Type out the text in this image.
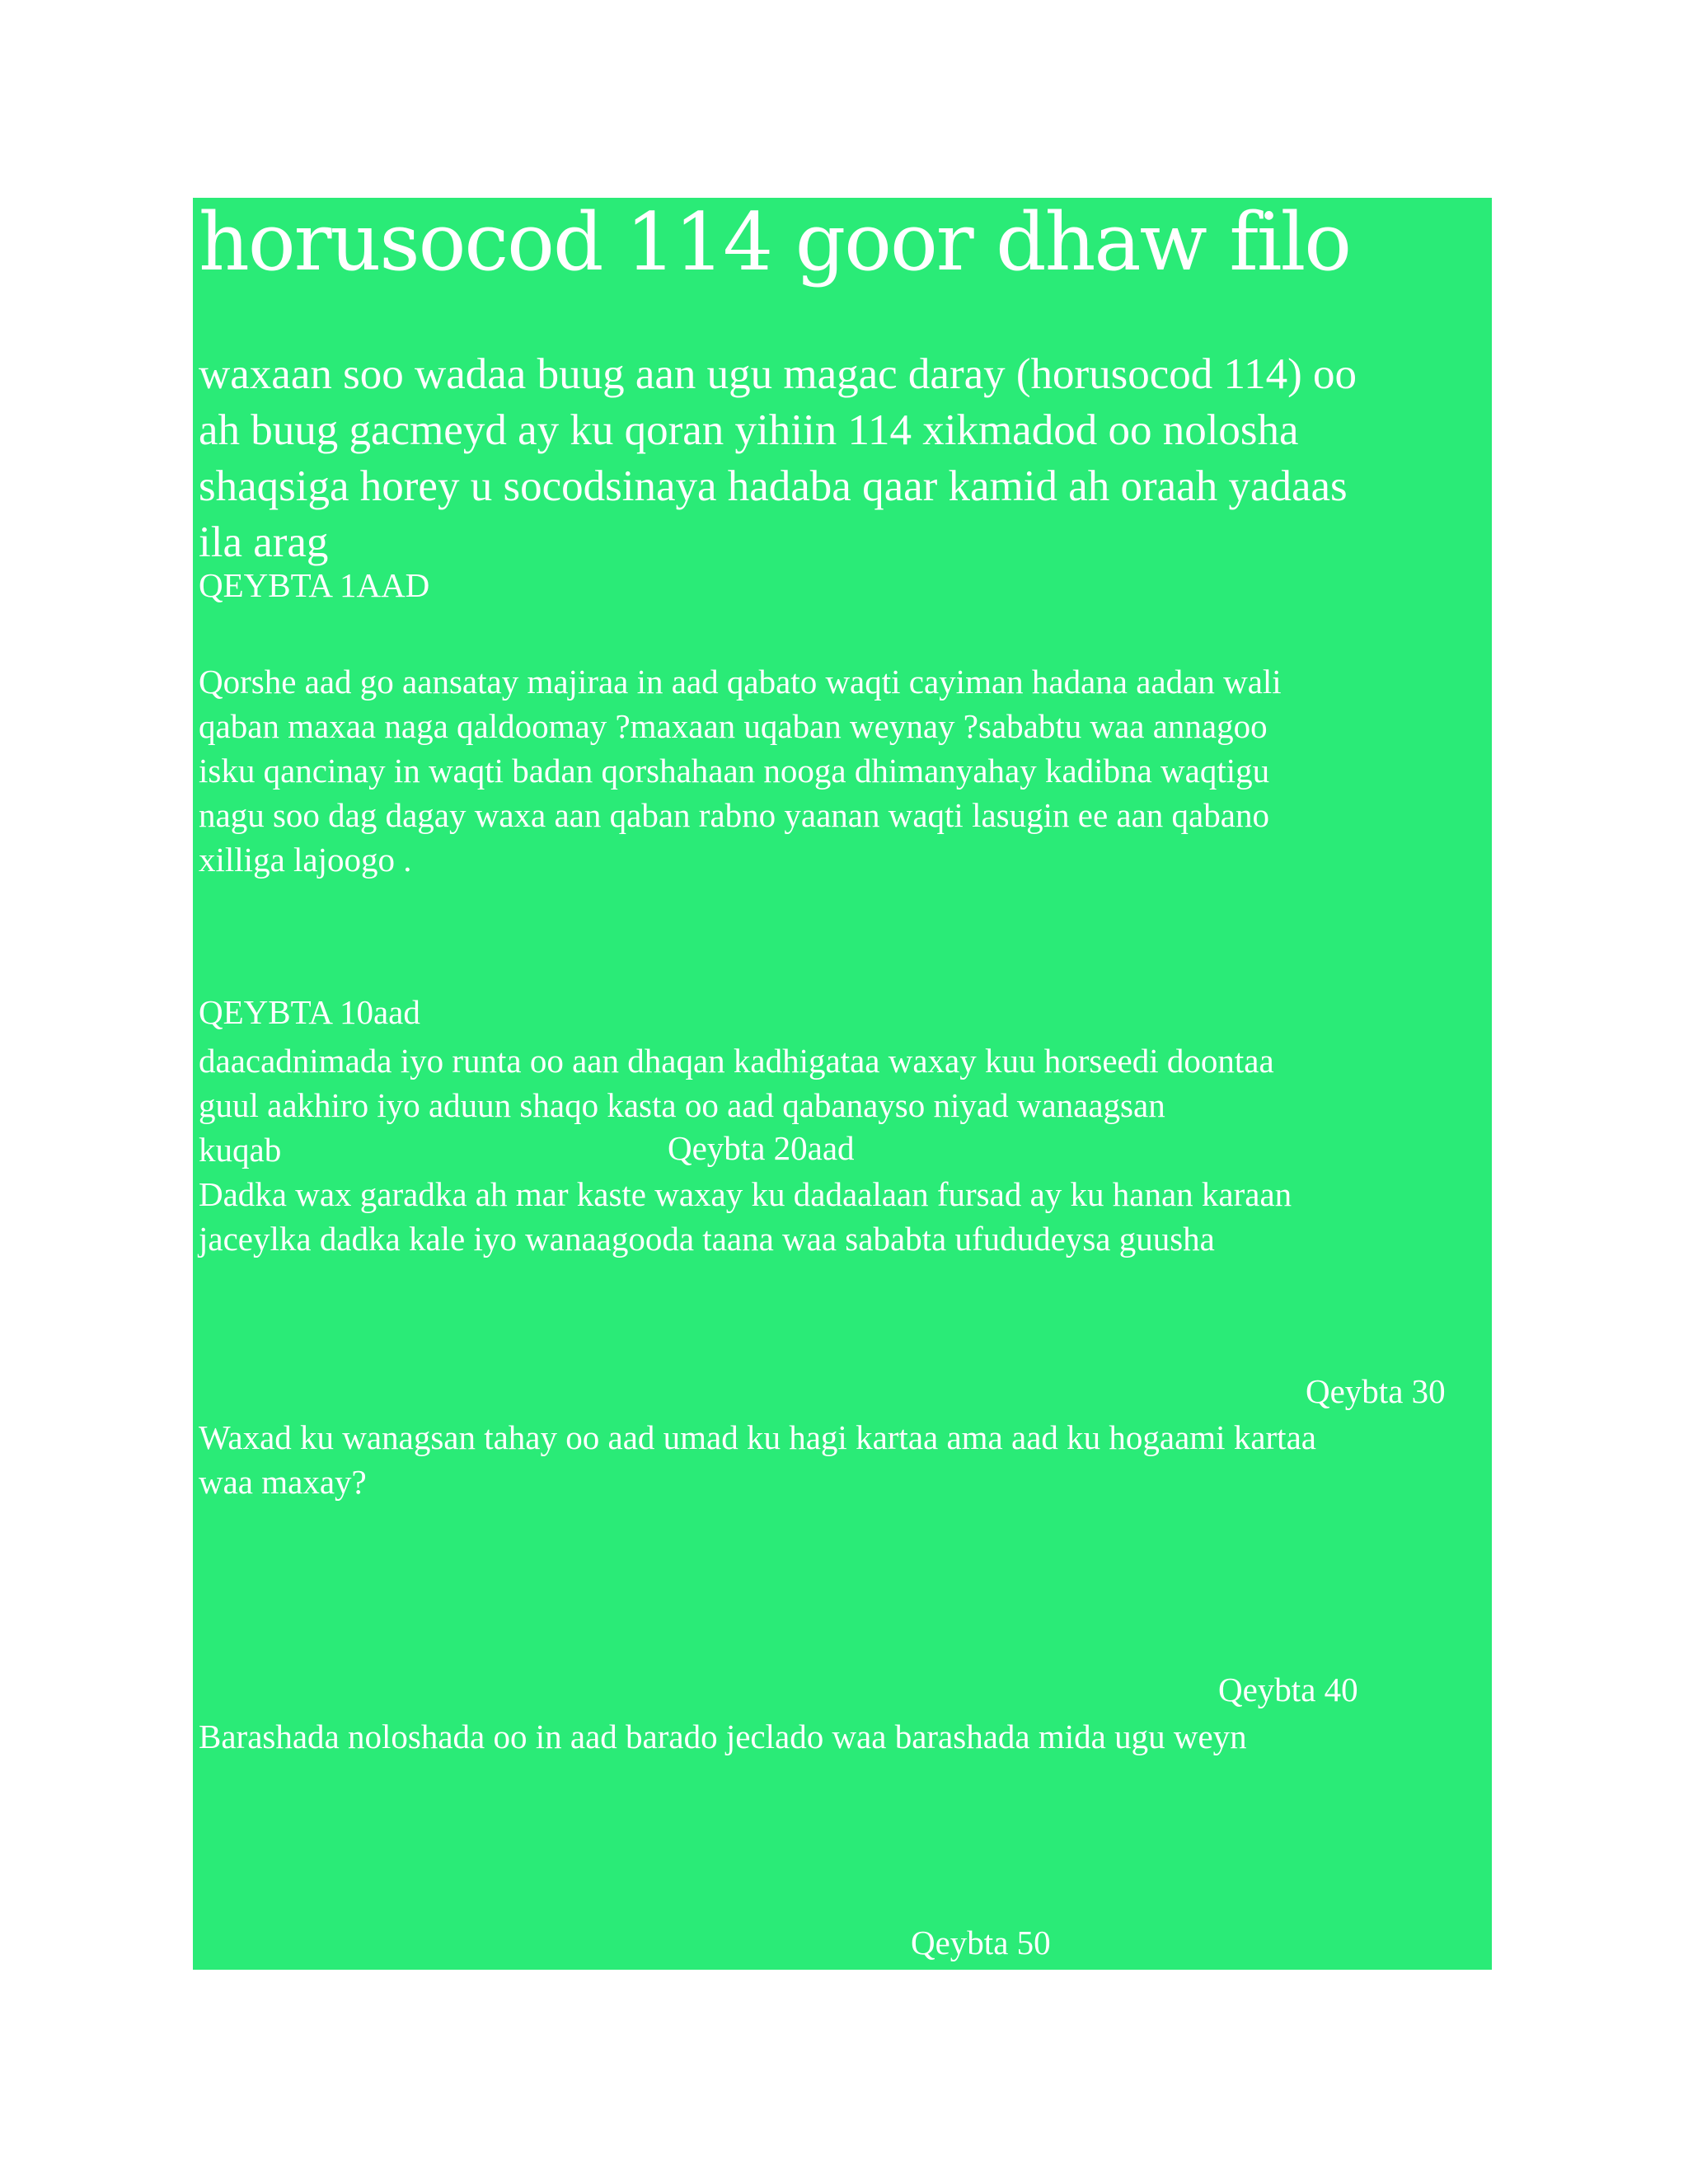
horusocod 114 goor dhaw filo
waxaan soo wadaa buug aan ugu magac daray (horusocod 114) oo
ah buug gacmeyd ay ku qoran yihiin 114 xikmadod oo nolosha
shaqsiga horey u socodsinaya hadaba qaar kamid ah oraah yadaas
ila arag
QEYBTA 1AAD
Qorshe aad go aansatay majiraa in aad qabato waqti cayiman hadana aadan wali
qaban maxaa naga qaldoomay ?maxaan uqaban weynay ?sababtu waa annagoo
isku qancinay in waqti badan qorshahaan nooga dhimanyahay kadibna waqtigu
nagu soo dag dagay waxa aan qaban rabno yaanan waqti lasugin ee aan qabano
xilliga lajoogo .
QEYBTA 10aad
daacadnimada iyo runta oo aan dhaqan kadhigataa waxay kuu horseedi doontaa
guul aakhiro iyo aduun shaqo kasta oo aad qabanayso niyad wanaagsan
kuqab	Qeybta 20aad
Dadka wax garadka ah mar kaste waxay ku dadaalaan fursad ay ku hanan karaan
jaceylka dadka kale iyo wanaagooda taana waa sababta ufududeysa guusha
Qeybta 30
Waxad ku wanagsan tahay oo aad umad ku hagi kartaa ama aad ku hogaami kartaa
waa maxay?
Qeybta 40
Barashada noloshada oo in aad barado jeclado waa barashada mida ugu weyn
Qeybta 50
